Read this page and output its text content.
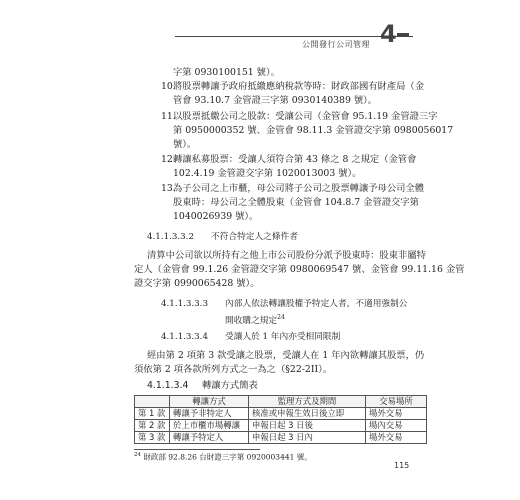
公開發行公司管理 4
字第 0930100151 號）。
10.
將股票轉讓予政府抵繳應納稅款等時：財政部國有財產局（金
管會 93.10.7 金管證三字第 0930140389 號）。
11.
以股票抵繳公司之股款：受讓公司（金管會 95.1.19 金管證三字
第 0950000352 號、金管會 98.11.3 金管證交字第 0980056017
號）。
12.
轉讓私募股票：受讓人須符合第 43 條之 8 之規定（金管會
102.4.19 金管證交字第 1020013003 號）。
13.
為子公司之上市櫃，母公司將子公司之股票轉讓予母公司全體
股東時：母公司之全體股東（金管會 104.8.7 金管證交字第
1040026939 號）。
4.1.1.3.3.2 不符合特定人之條件者
清算中公司欲以所持有之他上市公司股份分派予股東時：股東非屬特
定人（金管會 99.1.26 金管證交字第 0980069547 號、金管會 99.11.16 金管
證交字第 0990065428 號）。
4.1.1.3.3.3 內部人依法轉讓股權予特定人者，不適用強制公
開收購之規定$^{24}$
4.1.1.3.3.4 受讓人於 1 年內亦受相同限制
經由第 2 項第 3 款受讓之股票，受讓人在 1 年內欲轉讓其股票，仍
須依第 2 項各款所列方式之一為之（§22-2II）。
4.1.1.3.4 轉讓方式簡表
	轉讓方式	監理方式及期間	交易場所
第 1 款	轉讓予非特定人	核准或申報生效日後立即	場外交易
第 2 款	於上市櫃市場轉讓	申報日起 3 日後	場內交易
第 3 款	轉讓予特定人	申報日起 3 日內	場外交易
$^{24}$ 財政部 92.8.26 台財證三字第 0920003441 號。
115
